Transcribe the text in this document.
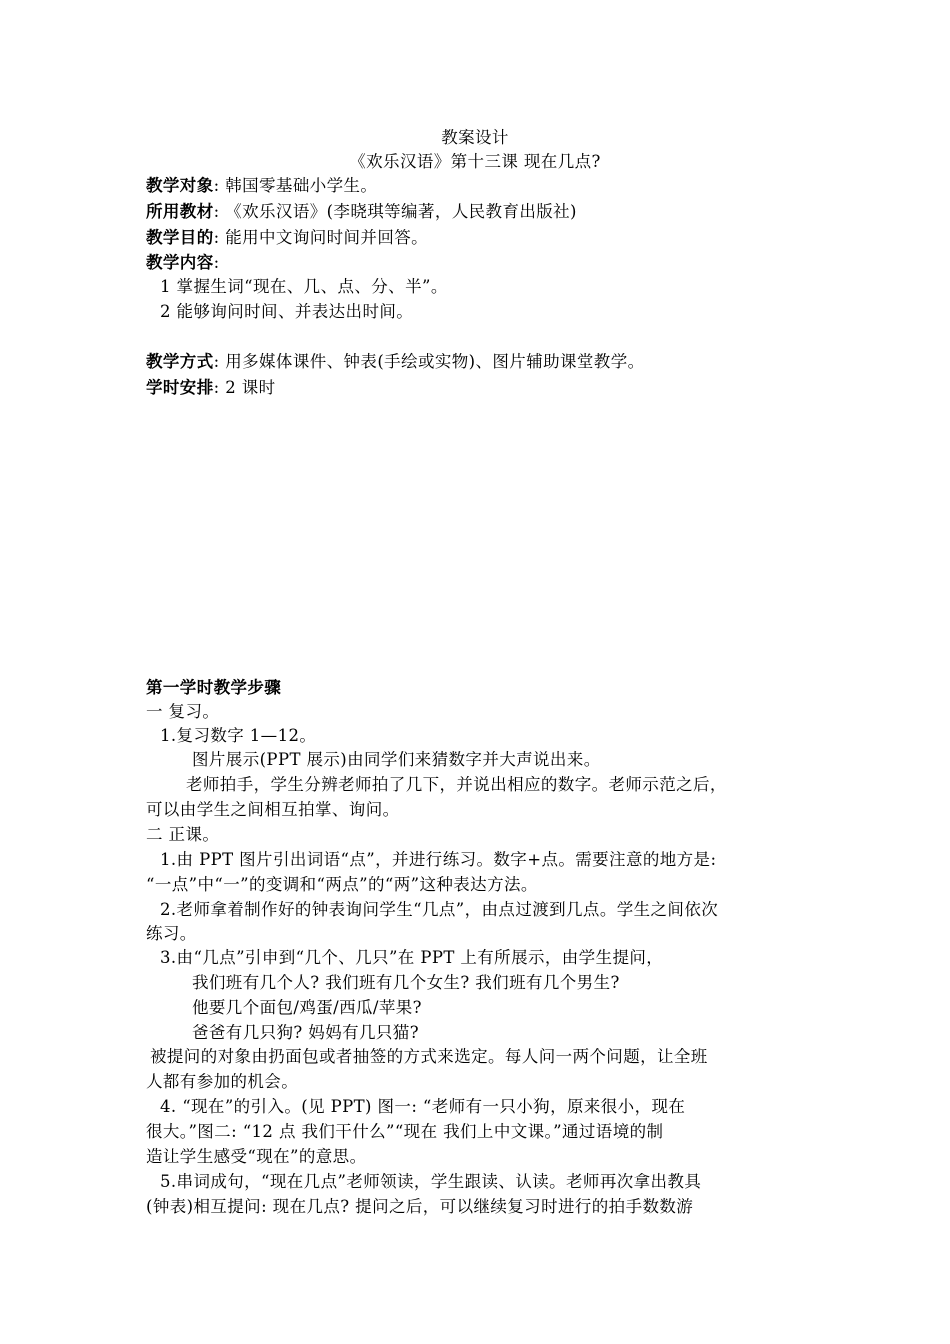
教案设计
《欢乐汉语》第十三课 现在几点?
教学对象: 韩国零基础小学生。
所用教材: 《欢乐汉语》(李晓琪等编著，人民教育出版社)
教学目的: 能用中文询问时间并回答。
教学内容:
1 掌握生词“现在、几、点、分、半”。
2 能够询问时间、并表达出时间。
教学方式: 用多媒体课件、钟表(手绘或实物)、图片辅助课堂教学。
学时安排: 2 课时
第一学时教学步骤
一 复习。
1.复习数字 1—12。
图片展示(PPT 展示)由同学们来猜数字并大声说出来。
老师拍手，学生分辨老师拍了几下，并说出相应的数字。老师示范之后，
可以由学生之间相互拍掌、询问。
二 正课。
1.由 PPT 图片引出词语“点”，并进行练习。数字+点。需要注意的地方是:
“一点”中“一”的变调和“两点”的“两”这种表达方法。
2.老师拿着制作好的钟表询问学生“几点”，由点过渡到几点。学生之间依次
练习。
3.由“几点”引申到“几个、几只”在 PPT 上有所展示，由学生提问，
我们班有几个人? 我们班有几个女生? 我们班有几个男生?
他要几个面包/鸡蛋/西瓜/苹果?
爸爸有几只狗? 妈妈有几只猫?
被提问的对象由扔面包或者抽签的方式来选定。每人问一两个问题，让全班
人都有参加的机会。
4. “现在”的引入。(见 PPT) 图一: “老师有一只小狗，原来很小，现在
很大。”图二: “12 点 我们干什么”“现在 我们上中文课。”通过语境的制
造让学生感受“现在”的意思。
5.串词成句，“现在几点”老师领读，学生跟读、认读。老师再次拿出教具
(钟表)相互提问: 现在几点? 提问之后，可以继续复习时进行的拍手数数游
